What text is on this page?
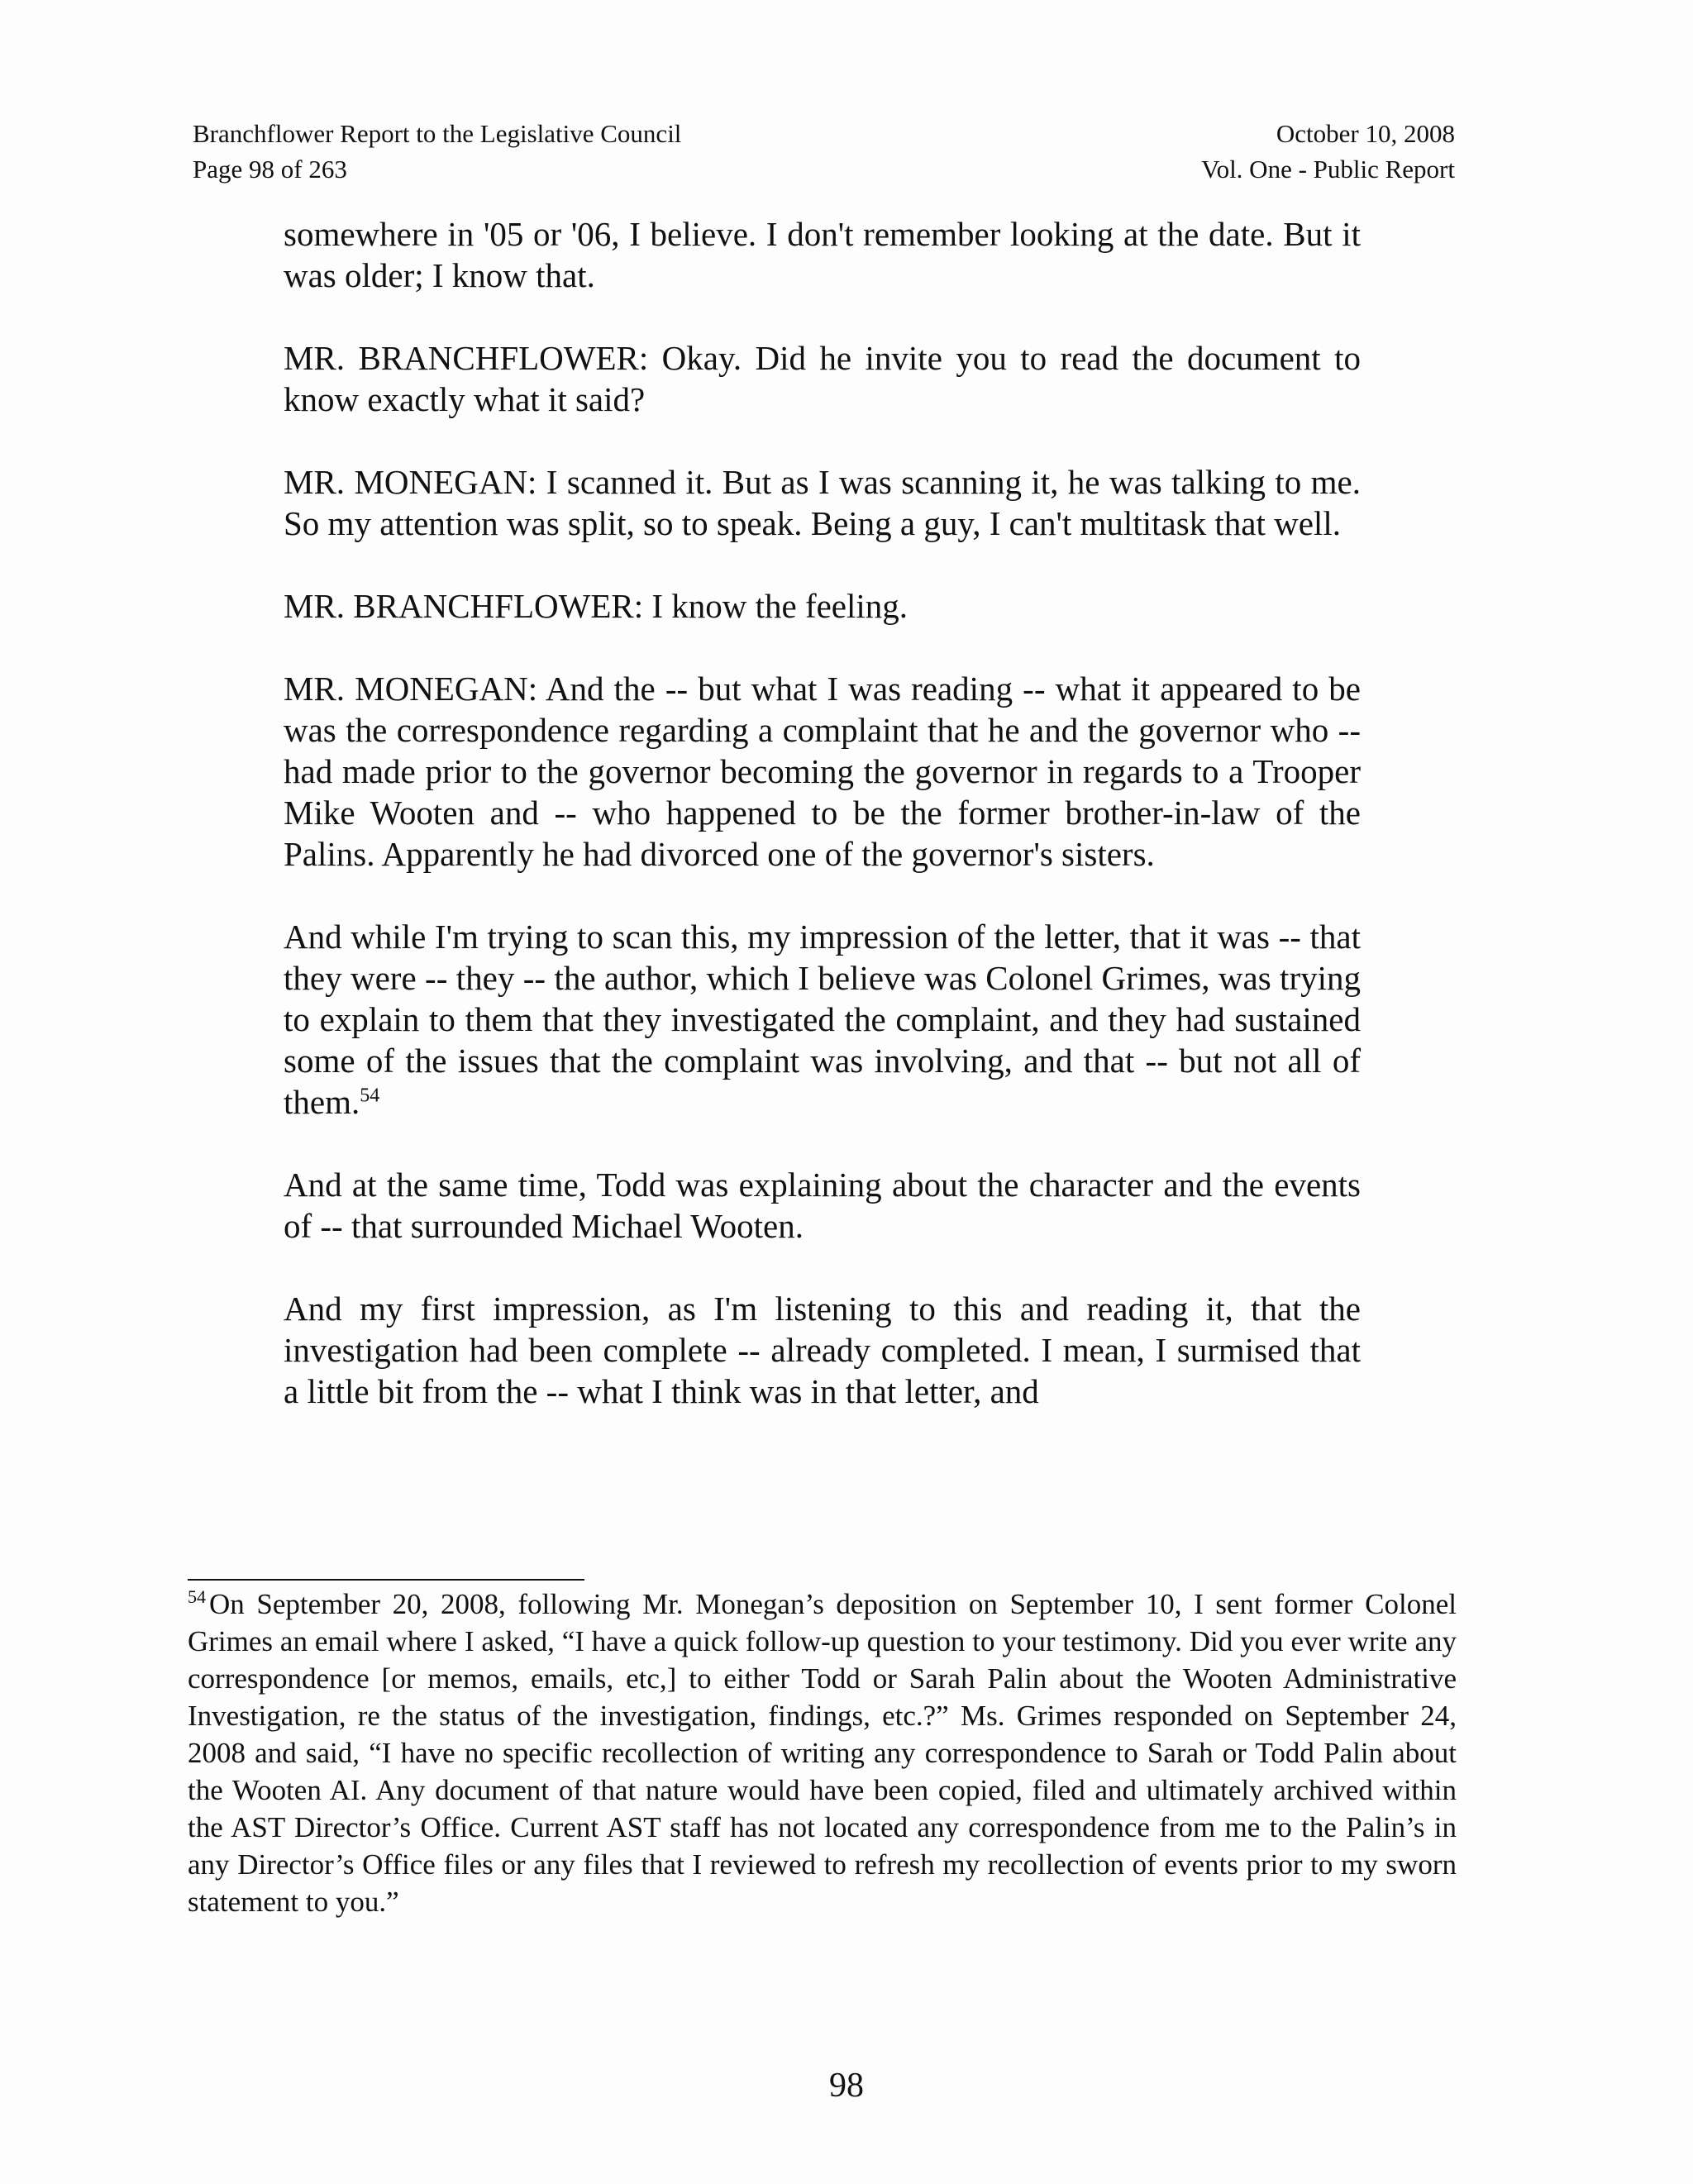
Branchflower Report to the Legislative Council
Page 98 of 263
October 10, 2008
Vol. One - Public Report

somewhere in '05 or '06, I believe. I don't remember looking at the date. But it was older; I know that.

MR. BRANCHFLOWER: Okay. Did he invite you to read the document to know exactly what it said?

MR. MONEGAN: I scanned it. But as I was scanning it, he was talking to me. So my attention was split, so to speak. Being a guy, I can't multitask that well.

MR. BRANCHFLOWER: I know the feeling.

MR. MONEGAN: And the -- but what I was reading -- what it appeared to be was the correspondence regarding a complaint that he and the governor who -- had made prior to the governor becoming the governor in regards to a Trooper Mike Wooten and -- who happened to be the former brother-in-law of the Palins. Apparently he had divorced one of the governor's sisters.

And while I'm trying to scan this, my impression of the letter, that it was -- that they were -- they -- the author, which I believe was Colonel Grimes, was trying to explain to them that they investigated the complaint, and they had sustained some of the issues that the complaint was involving, and that -- but not all of them.$^{54}$

And at the same time, Todd was explaining about the character and the events of -- that surrounded Michael Wooten.

And my first impression, as I'm listening to this and reading it, that the investigation had been complete -- already completed. I mean, I surmised that a little bit from the -- what I think was in that letter, and

$^{54}$ On September 20, 2008, following Mr. Monegan’s deposition on September 10, I sent former Colonel Grimes an email where I asked, “I have a quick follow-up question to your testimony. Did you ever write any correspondence [or memos, emails, etc,] to either Todd or Sarah Palin about the Wooten Administrative Investigation, re the status of the investigation, findings, etc.?” Ms. Grimes responded on September 24, 2008 and said, “I have no specific recollection of writing any correspondence to Sarah or Todd Palin about the Wooten AI. Any document of that nature would have been copied, filed and ultimately archived within the AST Director’s Office. Current AST staff has not located any correspondence from me to the Palin’s in any Director’s Office files or any files that I reviewed to refresh my recollection of events prior to my sworn statement to you.”
98
